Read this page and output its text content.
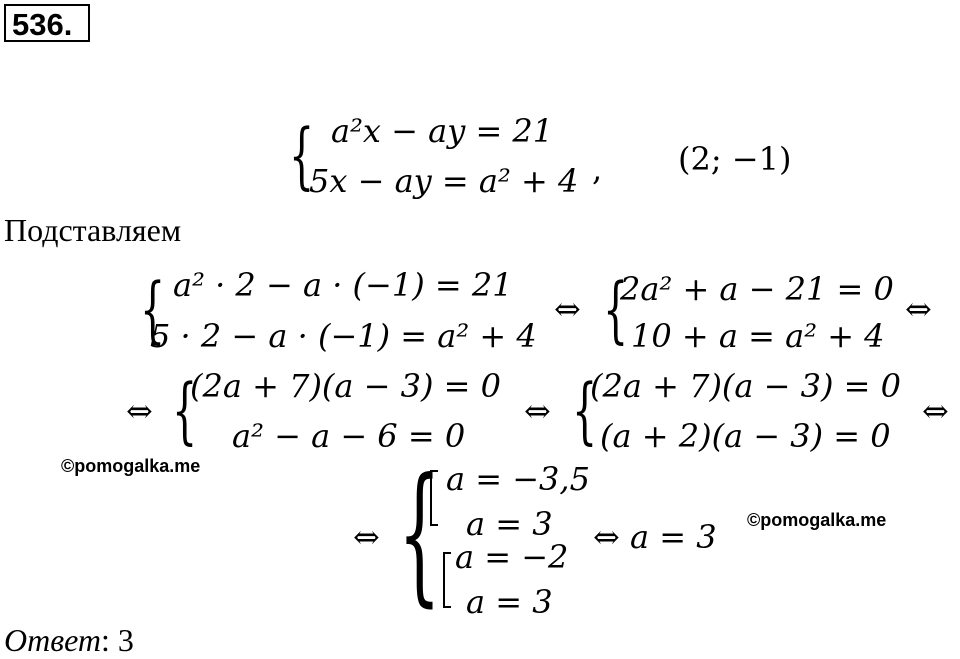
536.
{ a²x − ay = 21
5x − ay = a² + 4 , (2; −1)
Подставляем
{ a² · 2 − a · (−1) = 21
5 · 2 − a · (−1) = a² + 4
⇔ {
2a² + a − 21 = 0
10 + a = a² + 4
⇔
⇔ {
(2a + 7)(a − 3) = 0
a² − a − 6 = 0
⇔ {
(2a + 7)(a − 3) = 0
(a + 2)(a − 3) = 0
⇔
©pomogalka.me
⇔ { a = −3,5
a = 3
a = −2
a = 3
⇔ a = 3 ©pomogalka.me
Ответ: 3
